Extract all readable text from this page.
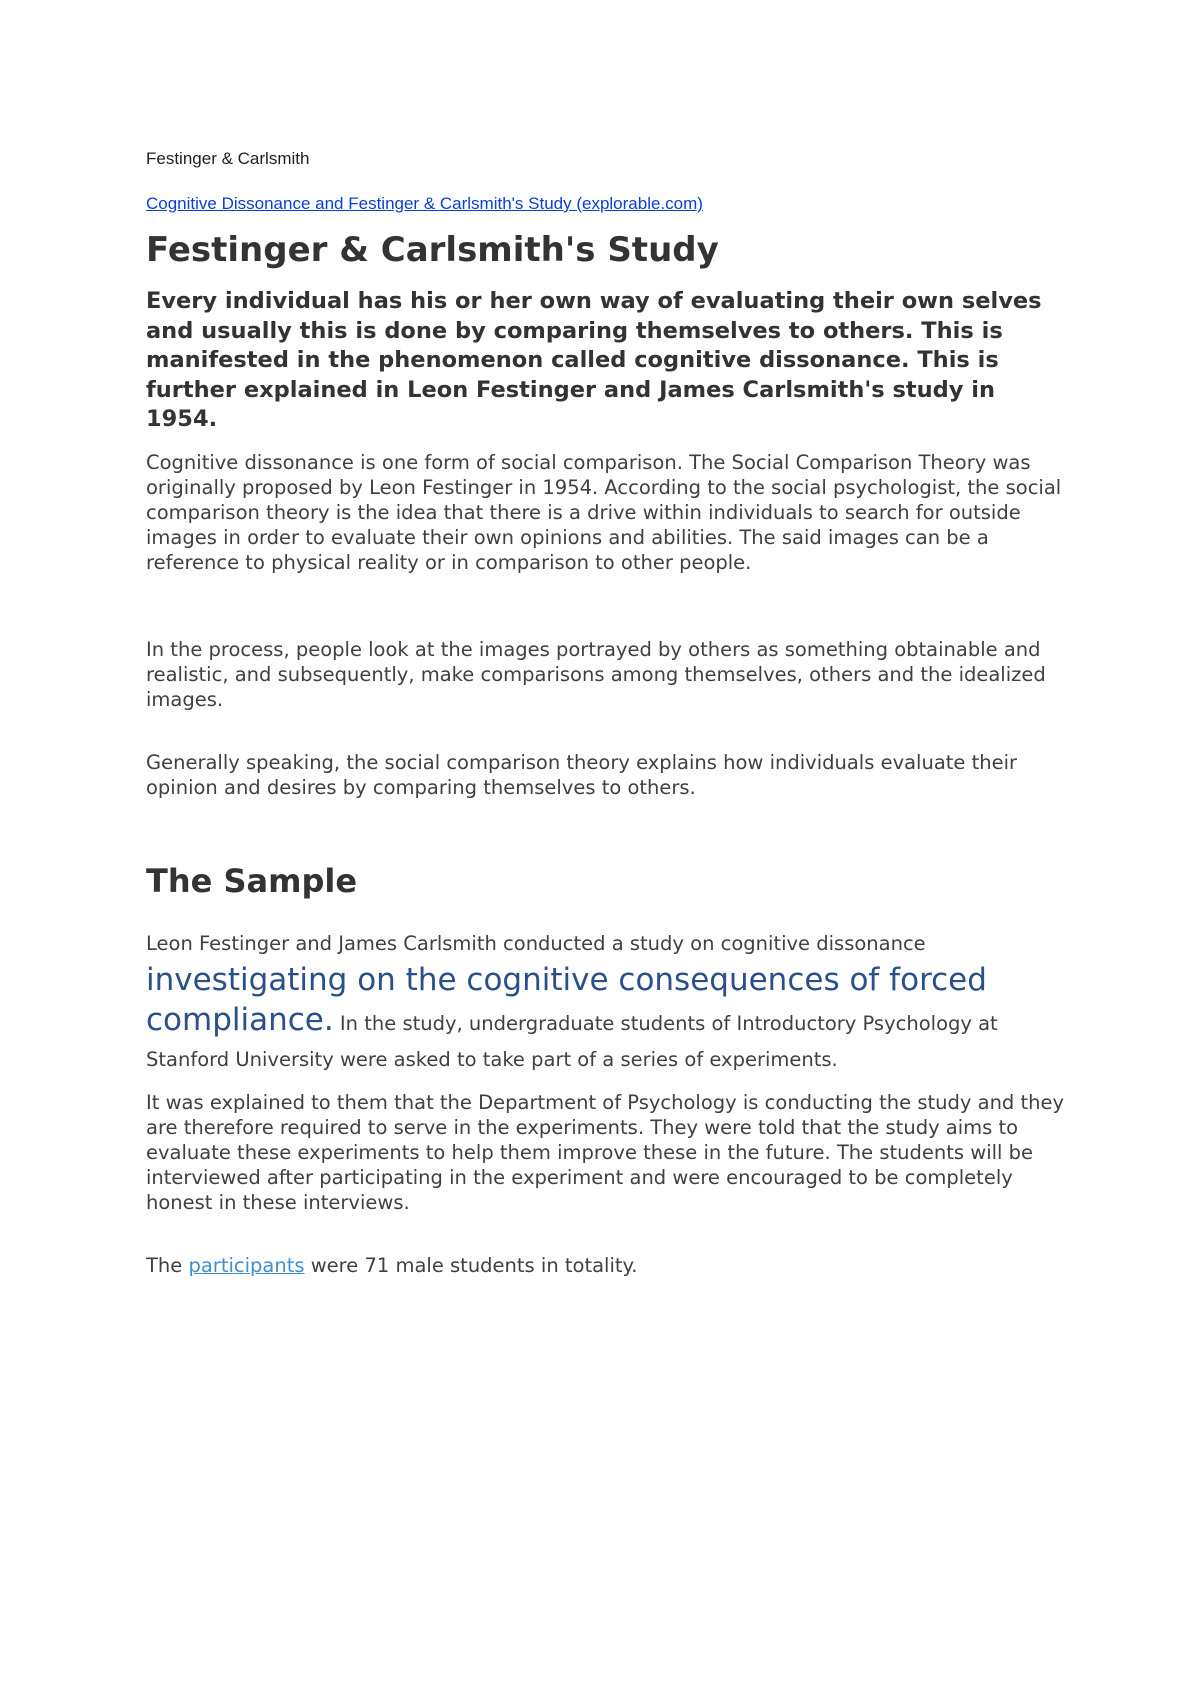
Festinger & Carlsmith

Cognitive Dissonance and Festinger & Carlsmith's Study (explorable.com)
Festinger & Carlsmith's Study

Every individual has his or her own way of evaluating their own selves and usually this is done by comparing themselves to others. This is manifested in the phenomenon called cognitive dissonance. This is further explained in Leon Festinger and James Carlsmith's study in 1954.

Cognitive dissonance is one form of social comparison. The Social Comparison Theory was originally proposed by Leon Festinger in 1954. According to the social psychologist, the social comparison theory is the idea that there is a drive within individuals to search for outside images in order to evaluate their own opinions and abilities. The said images can be a reference to physical reality or in comparison to other people.

In the process, people look at the images portrayed by others as something obtainable and realistic, and subsequently, make comparisons among themselves, others and the idealized images.

Generally speaking, the social comparison theory explains how individuals evaluate their opinion and desires by comparing themselves to others.

The Sample

Leon Festinger and James Carlsmith conducted a study on cognitive dissonance investigating on the cognitive consequences of forced compliance. In the study, undergraduate students of Introductory Psychology at Stanford University were asked to take part of a series of experiments.

It was explained to them that the Department of Psychology is conducting the study and they are therefore required to serve in the experiments. They were told that the study aims to evaluate these experiments to help them improve these in the future. The students will be interviewed after participating in the experiment and were encouraged to be completely honest in these interviews.

The participants were 71 male students in totality.
